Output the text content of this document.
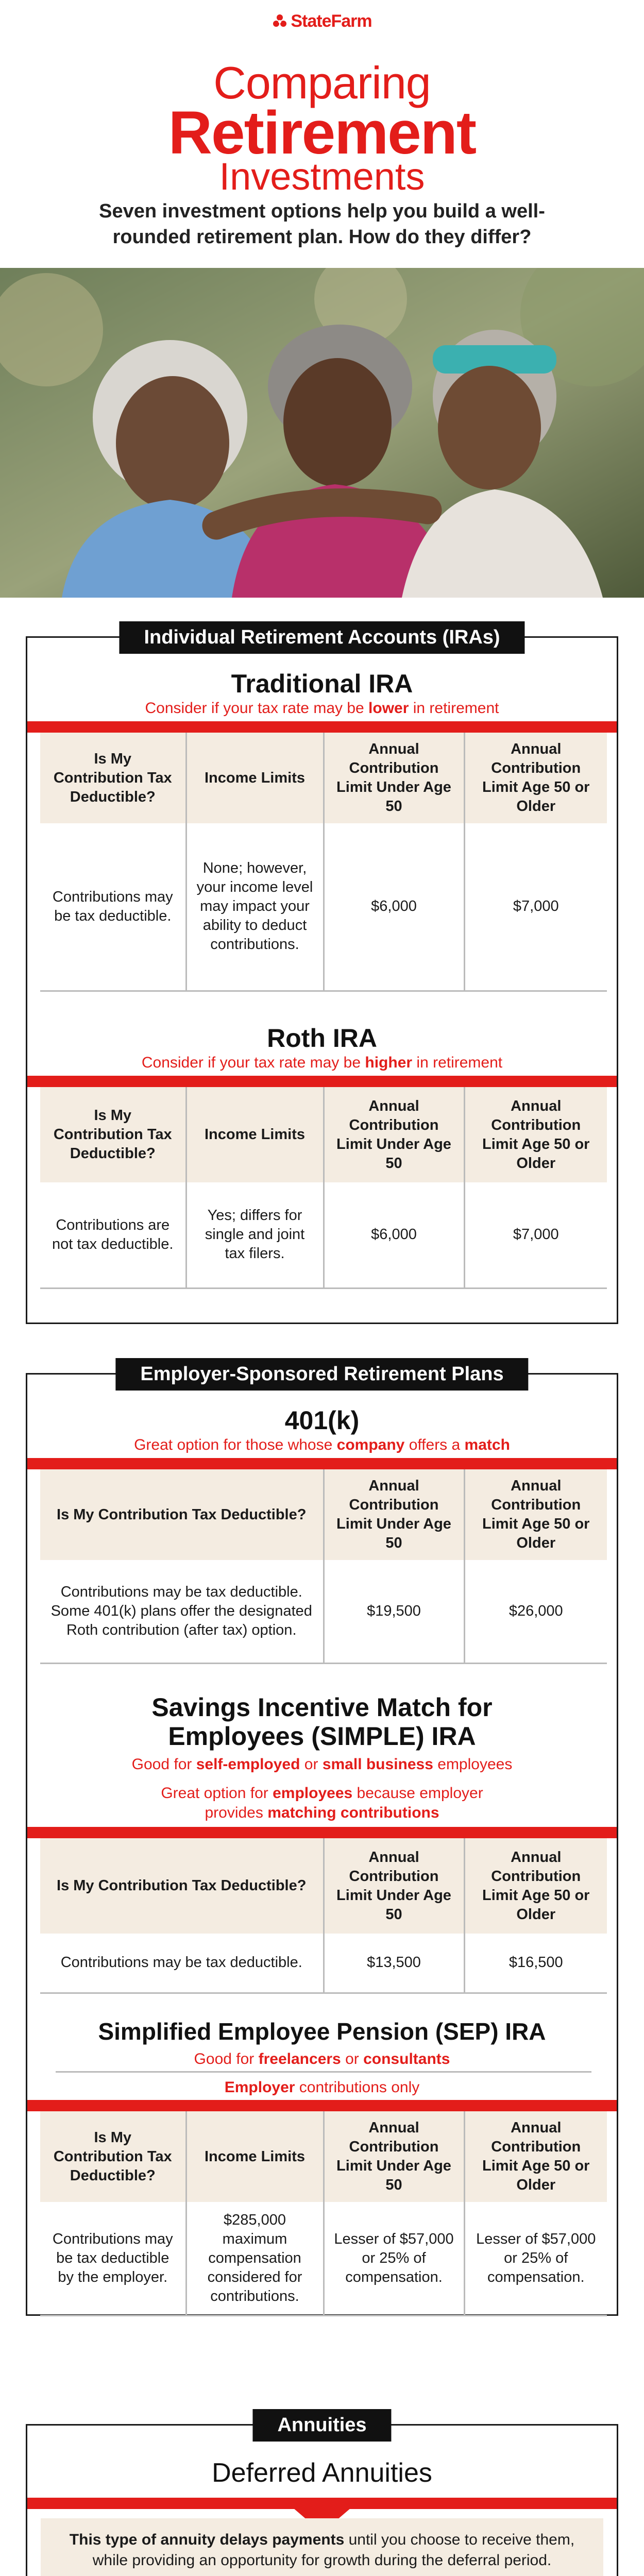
StateFarm
Comparing
Retirement
Investments
Seven investment options help you build a well-rounded retirement plan. How do they differ?
Individual Retirement Accounts (IRAs)
Traditional IRA
Consider if your tax rate may be lower in retirement
Is My Contribution Tax Deductible?	Income Limits	Annual Contribution Limit Under Age 50	Annual Contribution Limit Age 50 or Older
Contributions may be tax deductible.	None; however, your income level may impact your ability to deduct contributions.	$6,000	$7,000
Roth IRA
Consider if your tax rate may be higher in retirement
Is My Contribution Tax Deductible?	Income Limits	Annual Contribution Limit Under Age 50	Annual Contribution Limit Age 50 or Older
Contributions are not tax deductible.	Yes; differs for single and joint tax filers.	$6,000	$7,000
Employer-Sponsored Retirement Plans
401(k)
Great option for those whose company offers a match
Is My Contribution Tax Deductible?	Annual Contribution Limit Under Age 50	Annual Contribution Limit Age 50 or Older
Contributions may be tax deductible. Some 401(k) plans offer the designated Roth contribution (after tax) option.	$19,500	$26,000
Savings Incentive Match for
Employees (SIMPLE) IRA
Good for self-employed or small business employees
Great option for employees because employer
provides matching contributions
Is My Contribution Tax Deductible?	Annual Contribution Limit Under Age 50	Annual Contribution Limit Age 50 or Older
Contributions may be tax deductible.	$13,500	$16,500
Simplified Employee Pension (SEP) IRA
Good for freelancers or consultants
Employer contributions only
Is My Contribution Tax Deductible?	Income Limits	Annual Contribution Limit Under Age 50	Annual Contribution Limit Age 50 or Older
Contributions may be tax deductible by the employer.	$285,000 maximum compensation considered for contributions.	Lesser of $57,000 or 25% of compensation.	Lesser of $57,000 or 25% of compensation.
Annuities
Deferred Annuities
This type of annuity delays payments until you choose to receive them, while providing an opportunity for growth during the deferral period.
